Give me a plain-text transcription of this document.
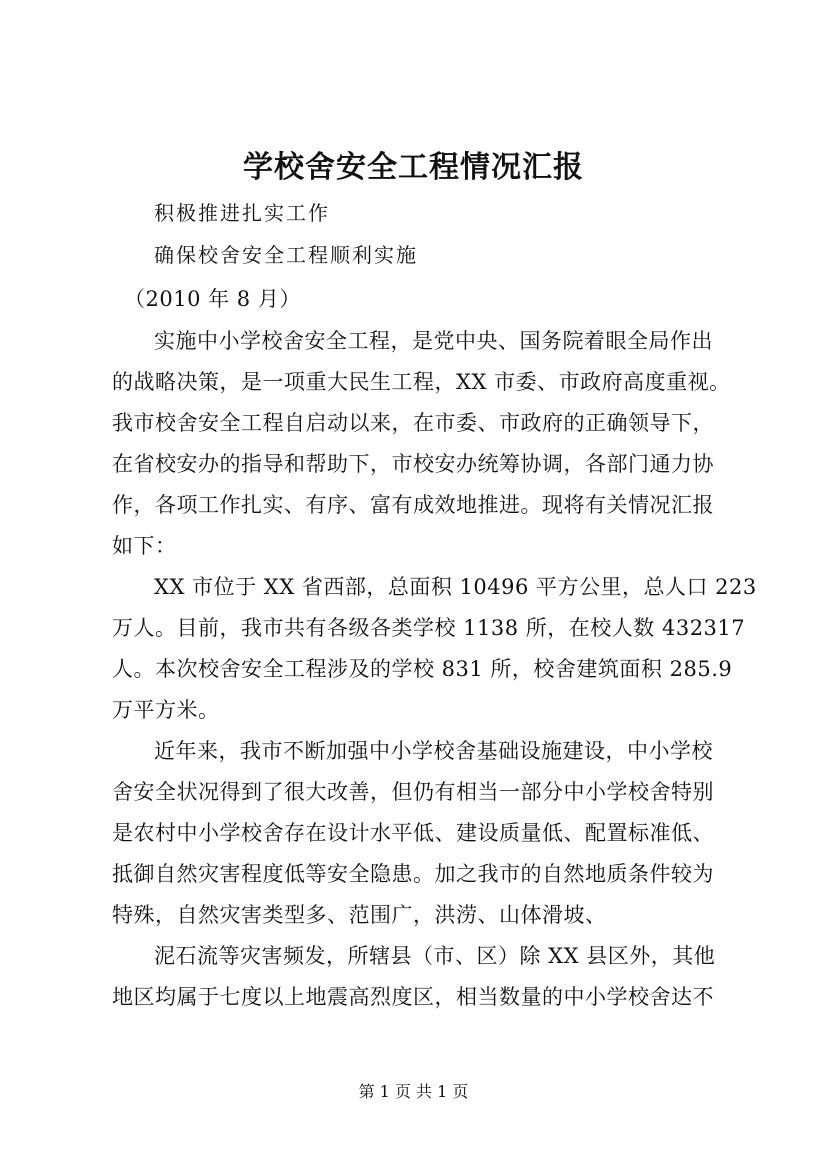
学校舍安全工程情况汇报
积极推进扎实工作
确保校舍安全工程顺利实施
（2010 年 8 月）
实施中小学校舍安全工程，是党中央、国务院着眼全局作出
的战略决策，是一项重大民生工程，XX 市委、市政府高度重视。
我市校舍安全工程自启动以来，在市委、市政府的正确领导下，
在省校安办的指导和帮助下，市校安办统筹协调，各部门通力协
作，各项工作扎实、有序、富有成效地推进。现将有关情况汇报
如下：
XX 市位于 XX 省西部，总面积 10496 平方公里，总人口 223
万人。目前，我市共有各级各类学校 1138 所，在校人数 432317
人。本次校舍安全工程涉及的学校 831 所，校舍建筑面积 285.9
万平方米。
近年来，我市不断加强中小学校舍基础设施建设，中小学校
舍安全状况得到了很大改善，但仍有相当一部分中小学校舍特别
是农村中小学校舍存在设计水平低、建设质量低、配置标准低、
抵御自然灾害程度低等安全隐患。加之我市的自然地质条件较为
特殊，自然灾害类型多、范围广，洪涝、山体滑坡、
泥石流等灾害频发，所辖县（市、区）除 XX 县区外，其他
地区均属于七度以上地震高烈度区，相当数量的中小学校舍达不
第 1 页 共 1 页
